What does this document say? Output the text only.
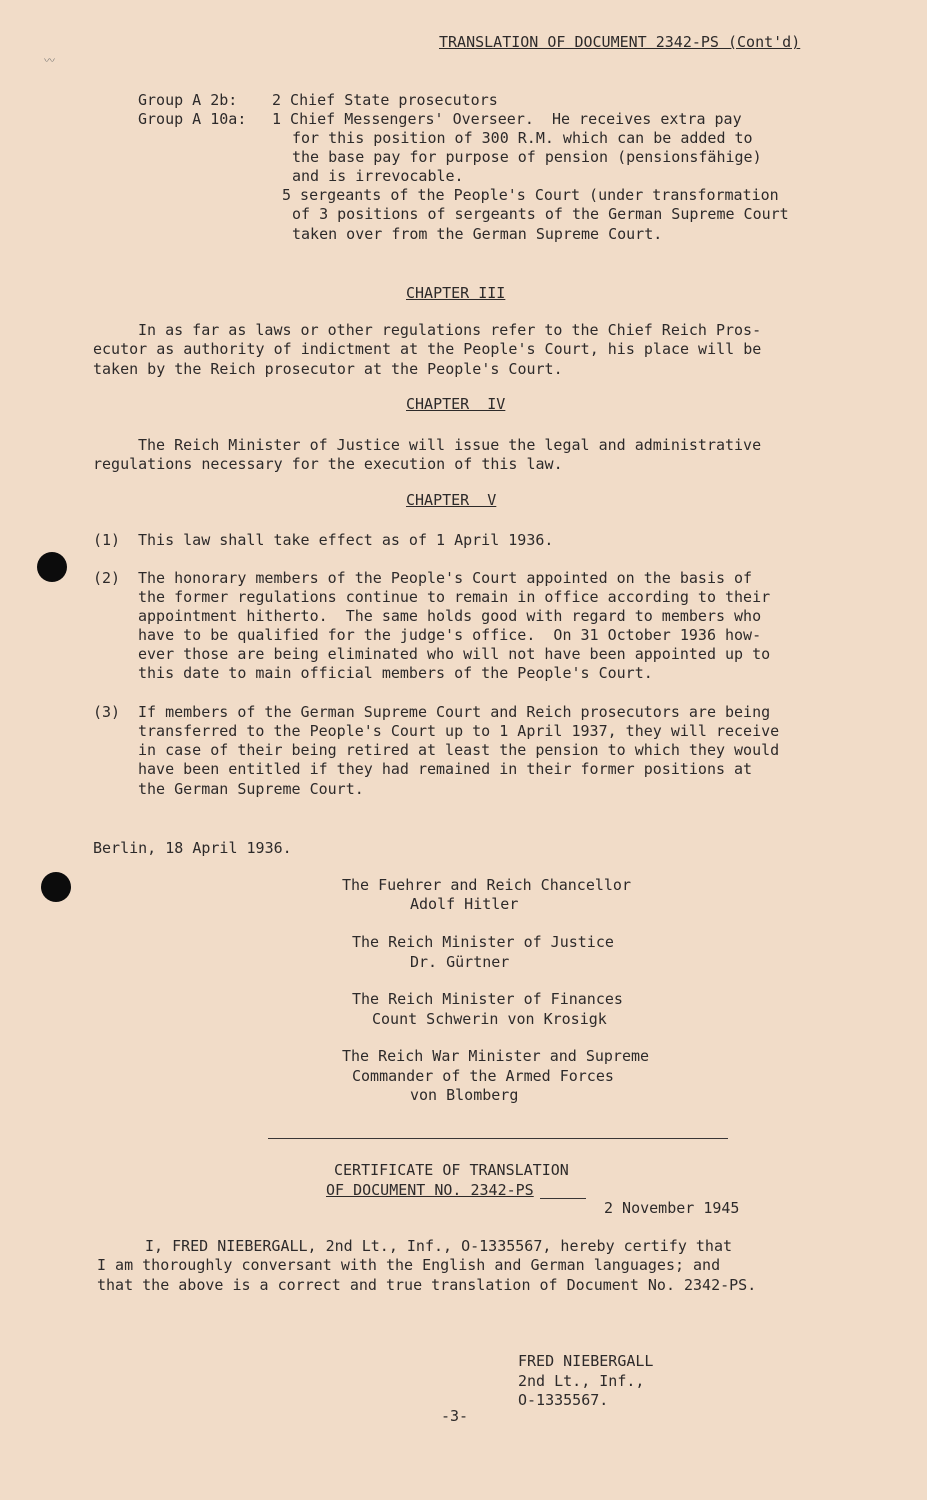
TRANSLATION OF DOCUMENT 2342-PS (Cont'd)
〰
Group A 2b: 2 Chief State prosecutors
Group A 10a: 1 Chief Messengers' Overseer.  He receives extra pay
for this position of 300 R.M. which can be added to
the base pay for purpose of pension (pensionsfähige)
and is irrevocable.
5 sergeants of the People's Court (under transformation
of 3 positions of sergeants of the German Supreme Court
taken over from the German Supreme Court.
CHAPTER III
In as far as laws or other regulations refer to the Chief Reich Pros-
ecutor as authority of indictment at the People's Court, his place will be
taken by the Reich prosecutor at the People's Court.
CHAPTER  IV
The Reich Minister of Justice will issue the legal and administrative
regulations necessary for the execution of this law.
CHAPTER  V
(1) This law shall take effect as of 1 April 1936.
(2) The honorary members of the People's Court appointed on the basis of
the former regulations continue to remain in office according to their
appointment hitherto.  The same holds good with regard to members who
have to be qualified for the judge's office.  On 31 October 1936 how-
ever those are being eliminated who will not have been appointed up to
this date to main official members of the People's Court.
(3) If members of the German Supreme Court and Reich prosecutors are being
transferred to the People's Court up to 1 April 1937, they will receive
in case of their being retired at least the pension to which they would
have been entitled if they had remained in their former positions at
the German Supreme Court.
Berlin, 18 April 1936.
The Fuehrer and Reich Chancellor
Adolf Hitler
The Reich Minister of Justice
Dr. Gürtner
The Reich Minister of Finances
Count Schwerin von Krosigk
The Reich War Minister and Supreme
Commander of the Armed Forces
von Blomberg
CERTIFICATE OF TRANSLATION
OF DOCUMENT NO. 2342-PS
2 November 1945
I, FRED NIEBERGALL, 2nd Lt., Inf., O-1335567, hereby certify that
I am thoroughly conversant with the English and German languages; and
that the above is a correct and true translation of Document No. 2342-PS.
FRED NIEBERGALL
2nd Lt., Inf.,
O-1335567.
-3-
